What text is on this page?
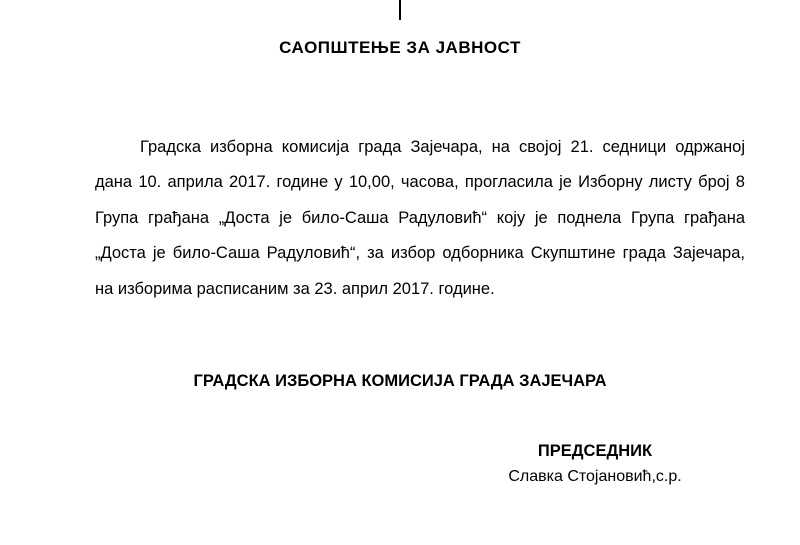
САОПШТЕЊЕ ЗА ЈАВНОСТ

Градска изборна комисија града Зајечара, на својој 21. седници одржаној дана 10. априла 2017. године у 10,00, часова, прогласила је Изборну листу број 8 Група грађана „Доста је било-Саша Радуловић“ коју је поднела Група грађана „Доста је било-Саша Радуловић“, за избор одборника Скупштине града Зајечара, на изборима расписаним за 23. април 2017. године.

ГРАДСКА ИЗБОРНА КОМИСИЈА ГРАДА ЗАЈЕЧАРА
ПРЕДСЕДНИК
Славка Стојановић,с.р.
